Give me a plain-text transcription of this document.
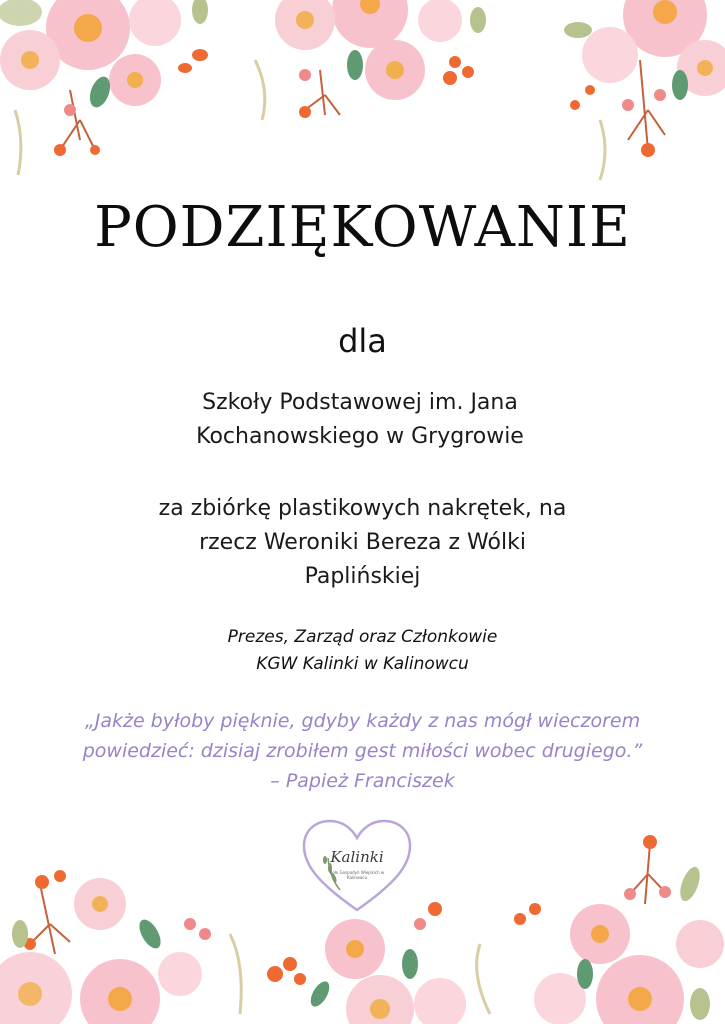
PODZIĘKOWANIE
dla
Szkoły Podstawowej im. Jana
Kochanowskiego w Grygrowie
za zbiórkę plastikowych nakrętek, na
rzecz Weroniki Bereza z Wólki
Paplińskiej
Prezes, Zarząd oraz Członkowie
KGW Kalinki w Kalinowcu
„Jakże byłoby pięknie, gdyby każdy z nas mógł wieczorem
powiedzieć: dzisiaj zrobiłem gest miłości wobec drugiego.”
– Papież Franciszek
Kalinki
Koło Gospodyń Wiejskich w Kalinowcu
